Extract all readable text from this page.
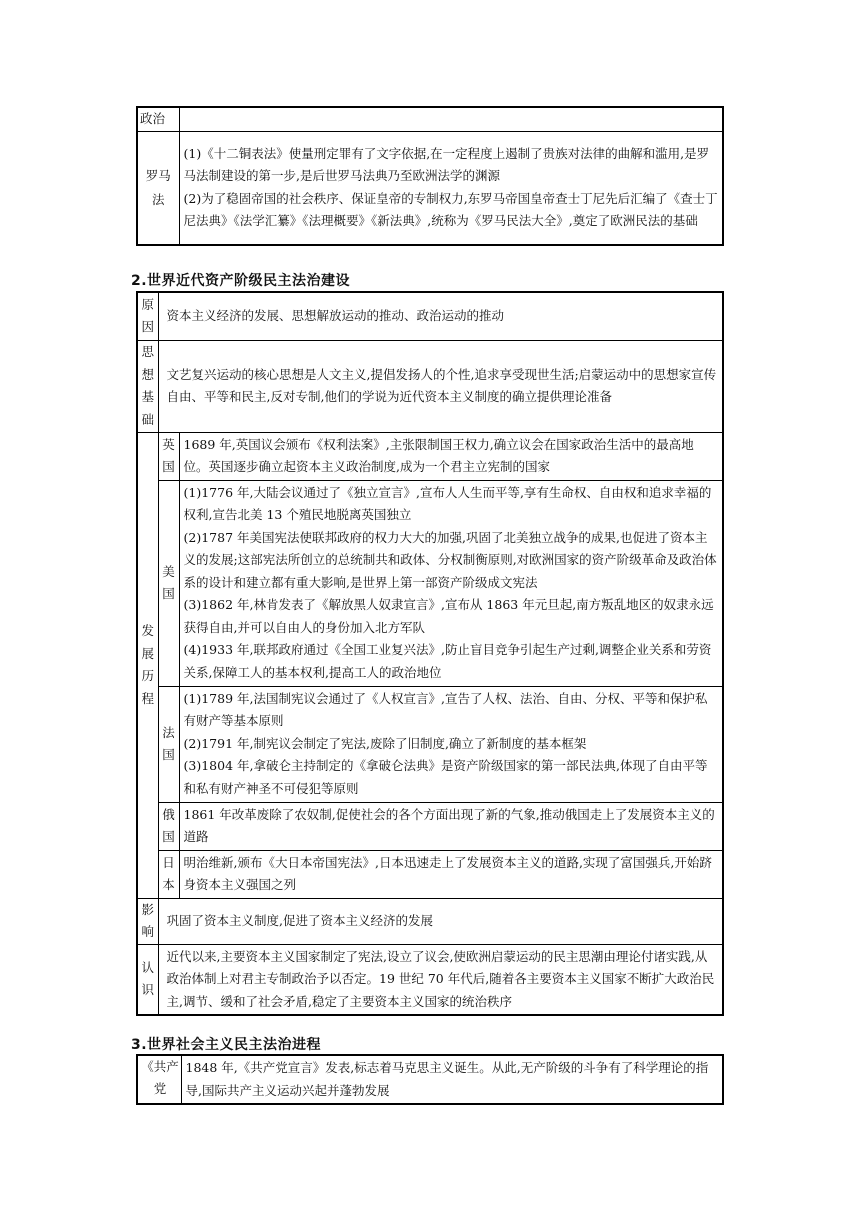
政治	

罗马法	(1)《十二铜表法》使量刑定罪有了文字依据,在一定程度上遏制了贵族对法律的曲解和滥用,是罗马法制建设的第一步,是后世罗马法典乃至欧洲法学的渊源
(2)为了稳固帝国的社会秩序、保证皇帝的专制权力,东罗马帝国皇帝查士丁尼先后汇编了《查士丁尼法典》《法学汇纂》《法理概要》《新法典》,统称为《罗马民法大全》,奠定了欧洲民法的基础
2.世界近代资产阶级民主法治建设
原因	资本主义经济的发展、思想解放运动的推动、政治运动的推动	

思想基础	文艺复兴运动的核心思想是人文主义,提倡发扬人的个性,追求享受现世生活;启蒙运动中的思想家宣传自由、平等和民主,反对专制,他们的学说为近代资本主义制度的确立提供理论准备	

发展历程	英国	1689 年,英国议会颁布《权利法案》,主张限制国王权力,确立议会在国家政治生活中的最高地位。英国逐步确立起资本主义政治制度,成为一个君主立宪制的国家

	美国	(1)1776 年,大陆会议通过了《独立宣言》,宣布人人生而平等,享有生命权、自由权和追求幸福的权利,宣告北美 13 个殖民地脱离英国独立
(2)1787 年美国宪法使联邦政府的权力大大的加强,巩固了北美独立战争的成果,也促进了资本主义的发展;这部宪法所创立的总统制共和政体、分权制衡原则,对欧洲国家的资产阶级革命及政治体系的设计和建立都有重大影响,是世界上第一部资产阶级成文宪法
(3)1862 年,林肯发表了《解放黑人奴隶宣言》,宣布从 1863 年元旦起,南方叛乱地区的奴隶永远获得自由,并可以自由人的身份加入北方军队
(4)1933 年,联邦政府通过《全国工业复兴法》,防止盲目竞争引起生产过剩,调整企业关系和劳资关系,保障工人的基本权利,提高工人的政治地位

	法国	(1)1789 年,法国制宪议会通过了《人权宣言》,宣告了人权、法治、自由、分权、平等和保护私有财产等基本原则
(2)1791 年,制宪议会制定了宪法,废除了旧制度,确立了新制度的基本框架
(3)1804 年,拿破仑主持制定的《拿破仑法典》是资产阶级国家的第一部民法典,体现了自由平等和私有财产神圣不可侵犯等原则

	俄国	1861 年改革废除了农奴制,促使社会的各个方面出现了新的气象,推动俄国走上了发展资本主义的道路

	日本	明治维新,颁布《大日本帝国宪法》,日本迅速走上了发展资本主义的道路,实现了富国强兵,开始跻身资本主义强国之列

影响	巩固了资本主义制度,促进了资本主义经济的发展	

认识	近代以来,主要资本主义国家制定了宪法,设立了议会,使欧洲启蒙运动的民主思潮由理论付诸实践,从政治体制上对君主专制政治予以否定。19 世纪 70 年代后,随着各主要资本主义国家不断扩大政治民主,调节、缓和了社会矛盾,稳定了主要资本主义国家的统治秩序	
3.世界社会主义民主法治进程
《共产党
	1848 年,《共产党宣言》发表,标志着马克思主义诞生。从此,无产阶级的斗争有了科学理论的指导,国际共产主义运动兴起并蓬勃发展
